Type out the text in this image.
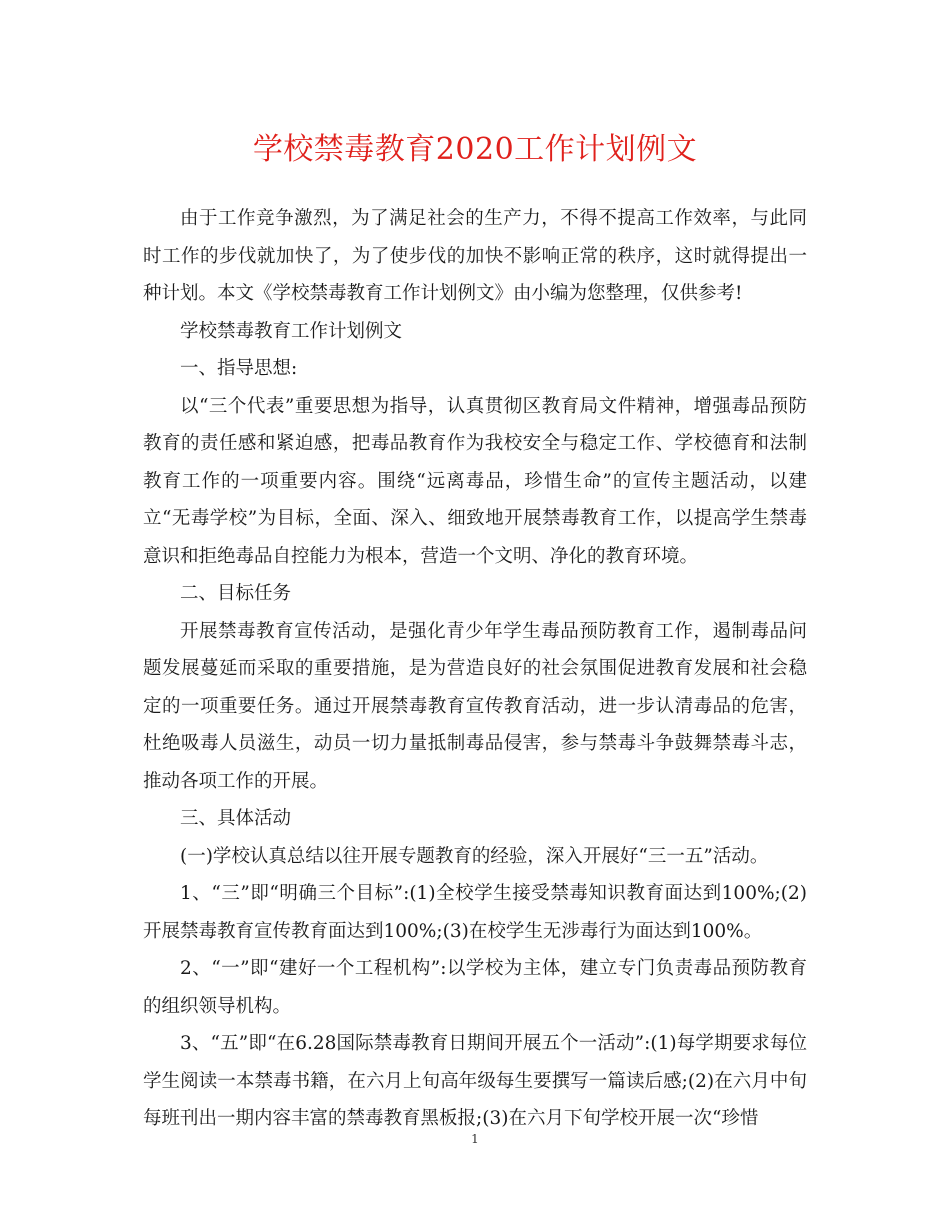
学校禁毒教育2020工作计划例文

由于工作竞争激烈，为了满足社会的生产力，不得不提高工作效率，与此同时工作的步伐就加快了，为了使步伐的加快不影响正常的秩序，这时就得提出一种计划。本文《学校禁毒教育工作计划例文》由小编为您整理，仅供参考!

学校禁毒教育工作计划例文

一、指导思想:

以“三个代表”重要思想为指导，认真贯彻区教育局文件精神，增强毒品预防教育的责任感和紧迫感，把毒品教育作为我校安全与稳定工作、学校德育和法制教育工作的一项重要内容。围绕“远离毒品，珍惜生命”的宣传主题活动，以建立“无毒学校”为目标，全面、深入、细致地开展禁毒教育工作，以提高学生禁毒意识和拒绝毒品自控能力为根本，营造一个文明、净化的教育环境。

二、目标任务

开展禁毒教育宣传活动，是强化青少年学生毒品预防教育工作，遏制毒品问题发展蔓延而采取的重要措施，是为营造良好的社会氛围促进教育发展和社会稳定的一项重要任务。通过开展禁毒教育宣传教育活动，进一步认清毒品的危害，杜绝吸毒人员滋生，动员一切力量抵制毒品侵害，参与禁毒斗争鼓舞禁毒斗志，推动各项工作的开展。

三、具体活动

(一)学校认真总结以往开展专题教育的经验，深入开展好“三一五”活动。

1、“三”即“明确三个目标”:(1)全校学生接受禁毒知识教育面达到100%;(2)开展禁毒教育宣传教育面达到100%;(3)在校学生无涉毒行为面达到100%。

2、“一”即“建好一个工程机构”:以学校为主体，建立专门负责毒品预防教育的组织领导机构。

3、“五”即“在6.28国际禁毒教育日期间开展五个一活动”:(1)每学期要求每位学生阅读一本禁毒书籍，在六月上旬高年级每生要撰写一篇读后感;(2)在六月中旬每班刊出一期内容丰富的禁毒教育黑板报;(3)在六月下旬学校开展一次“珍惜

1
